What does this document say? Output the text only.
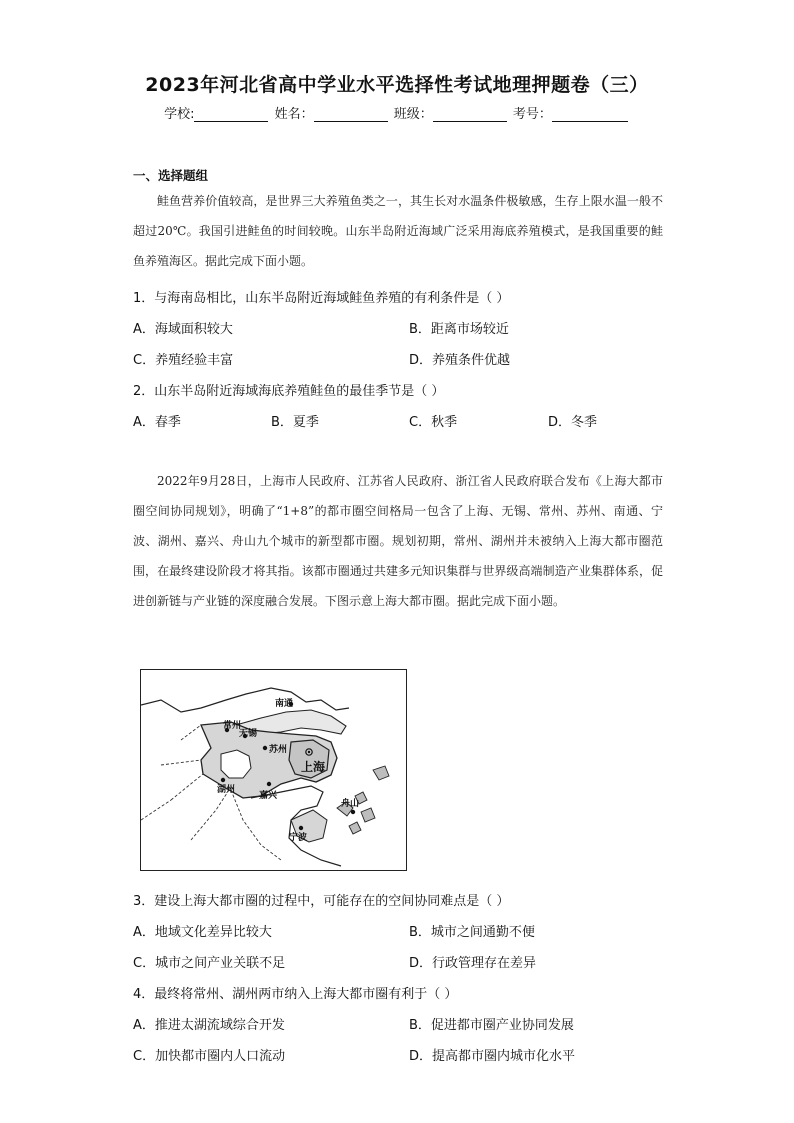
2023年河北省高中学业水平选择性考试地理押题卷（三）
学校:	姓名：	班级：	考号：
一、选择题组

鲑鱼营养价值较高，是世界三大养殖鱼类之一，其生长对水温条件极敏感，生存上限水温一般不超过20℃。我国引进鲑鱼的时间较晚。山东半岛附近海域广泛采用海底养殖模式，是我国重要的鲑鱼养殖海区。据此完成下面小题。

1．与海南岛相比，山东半岛附近海域鲑鱼养殖的有利条件是（ ）
A．海域面积较大	B．距离市场较近
C．养殖经验丰富	D．养殖条件优越
2．山东半岛附近海域海底养殖鲑鱼的最佳季节是（ ）
A．春季	B．夏季	C．秋季	D．冬季

2022年9月28日，上海市人民政府、江苏省人民政府、浙江省人民政府联合发布《上海大都市圈空间协同规划》，明确了“1+8”的都市圈空间格局一包含了上海、无锡、常州、苏州、南通、宁波、湖州、嘉兴、舟山九个城市的新型都市圈。规划初期，常州、湖州并未被纳入上海大都市圈范围，在最终建设阶段才将其指。该都市圈通过共建多元知识集群与世界级高端制造产业集群体系，促进创新链与产业链的深度融合发展。下图示意上海大都市圈。据此完成下面小题。

南通
常州
无锡
苏州
上海
湖州
嘉兴
宁波
舟山
3．建设上海大都市圈的过程中，可能存在的空间协同难点是（ ）
A．地域文化差异比较大	B．城市之间通勤不便
C．城市之间产业关联不足	D．行政管理存在差异
4．最终将常州、湖州两市纳入上海大都市圈有利于（ ）
A．推进太湖流域综合开发	B．促进都市圈产业协同发展
C．加快都市圈内人口流动	D．提高都市圈内城市化水平
